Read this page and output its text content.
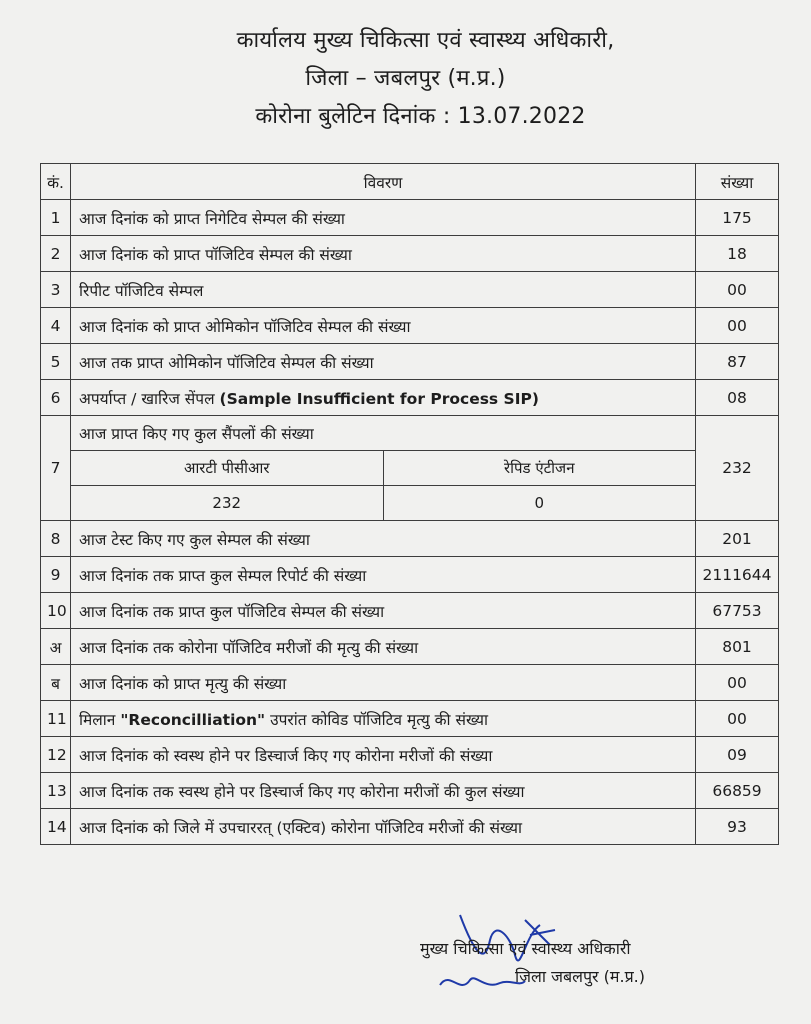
कार्यालय मुख्य चिकित्सा एवं स्वास्थ्य अधिकारी,
जिला – जबलपुर (म.प्र.)
कोरोना बुलेटिन दिनांक : 13.07.2022
कं.	विवरण	संख्या
1	आज दिनांक को प्राप्त निगेटिव सेम्पल की संख्या	175
2	आज दिनांक को प्राप्त पॉजिटिव सेम्पल की संख्या	18
3	रिपीट पॉजिटिव सेम्पल	00
4	आज दिनांक को प्राप्त ओमिकोन पॉजिटिव सेम्पल की संख्या	00
5	आज तक प्राप्त ओमिकोन पॉजिटिव सेम्पल की संख्या	87
6	अपर्याप्त / खारिज सेंपल (Sample Insufficient for Process SIP)	08
7	आज प्राप्त किए गए कुल सैंपलों की संख्या	232

आरटी पीसीआर	रेपिड एंटीजन
232	0

8	आज टेस्ट किए गए कुल सेम्पल की संख्या	201
9	आज दिनांक तक प्राप्त कुल सेम्पल रिपोर्ट की संख्या	2111644
10	आज दिनांक तक प्राप्त कुल पॉजिटिव सेम्पल की संख्या	67753
अ	आज दिनांक तक कोरोना पॉजिटिव मरीजों की मृत्यु की संख्या	801
ब	आज दिनांक को प्राप्त मृत्यु की संख्या	00
11	मिलान "Reconcilliation" उपरांत कोविड पॉजिटिव मृत्यु की संख्या	00
12	आज दिनांक को स्वस्थ होने पर डिस्चार्ज किए गए कोरोना मरीजों की संख्या	09
13	आज दिनांक तक स्वस्थ होने पर डिस्चार्ज किए गए कोरोना मरीजों की कुल संख्या	66859
14	आज दिनांक को जिले में उपचाररत् (एक्टिव) कोरोना पॉजिटिव मरीजों की संख्या	93
मुख्य चिकित्सा एवं स्वास्थ्य अधिकारी
जिला जबलपुर (म.प्र.)
